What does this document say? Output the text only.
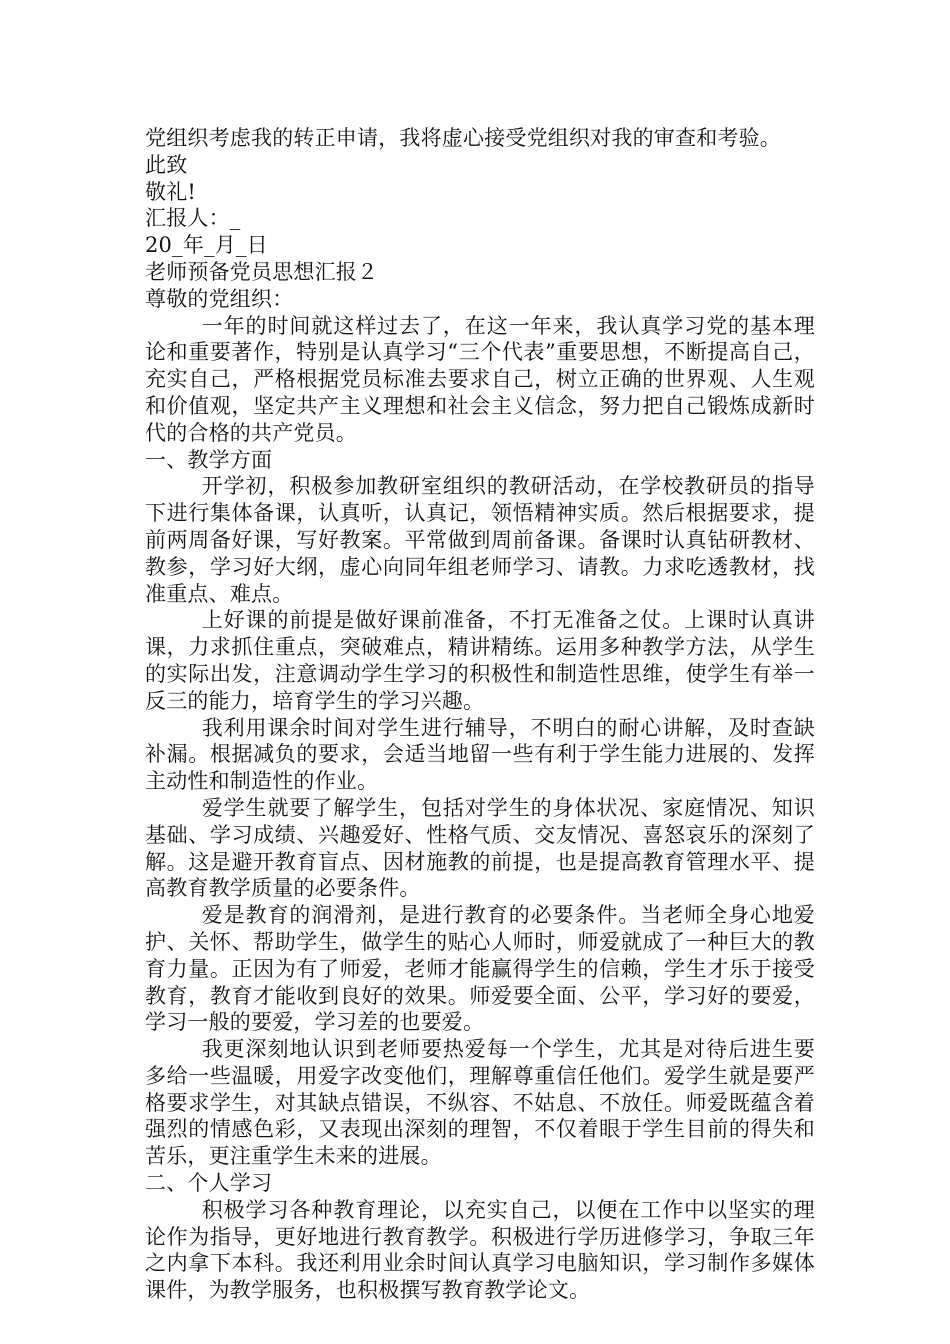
党组织考虑我的转正申请，我将虚心接受党组织对我的审查和考验。

此致

敬礼!

汇报人：_

20_年_月_日

老师预备党员思想汇报２

尊敬的党组织：

一年的时间就这样过去了，在这一年来，我认真学习党的基本理论和重要著作，特别是认真学习“三个代表”重要思想，不断提高自己，充实自己，严格根据党员标准去要求自己，树立正确的世界观、人生观和价值观，坚定共产主义理想和社会主义信念，努力把自己锻炼成新时代的合格的共产党员。

一、教学方面

开学初，积极参加教研室组织的教研活动，在学校教研员的指导下进行集体备课，认真听，认真记，领悟精神实质。然后根据要求，提前两周备好课，写好教案。平常做到周前备课。备课时认真钻研教材、教参，学习好大纲，虚心向同年组老师学习、请教。力求吃透教材，找准重点、难点。

上好课的前提是做好课前准备，不打无准备之仗。上课时认真讲课，力求抓住重点，突破难点，精讲精练。运用多种教学方法，从学生的实际出发，注意调动学生学习的积极性和制造性思维，使学生有举一反三的能力，培育学生的学习兴趣。

我利用课余时间对学生进行辅导，不明白的耐心讲解，及时查缺补漏。根据减负的要求，会适当地留一些有利于学生能力进展的、发挥主动性和制造性的作业。

爱学生就要了解学生，包括对学生的身体状况、家庭情况、知识基础、学习成绩、兴趣爱好、性格气质、交友情况、喜怒哀乐的深刻了解。这是避开教育盲点、因材施教的前提，也是提高教育管理水平、提高教育教学质量的必要条件。

爱是教育的润滑剂，是进行教育的必要条件。当老师全身心地爱护、关怀、帮助学生，做学生的贴心人师时，师爱就成了一种巨大的教育力量。正因为有了师爱，老师才能赢得学生的信赖，学生才乐于接受教育，教育才能收到良好的效果。师爱要全面、公平，学习好的要爱，学习一般的要爱，学习差的也要爱。

我更深刻地认识到老师要热爱每一个学生，尤其是对待后进生要多给一些温暖，用爱字改变他们，理解尊重信任他们。爱学生就是要严格要求学生，对其缺点错误，不纵容、不姑息、不放任。师爱既蕴含着强烈的情感色彩，又表现出深刻的理智，不仅着眼于学生目前的得失和苦乐，更注重学生未来的进展。

二、个人学习

积极学习各种教育理论，以充实自己，以便在工作中以坚实的理论作为指导，更好地进行教育教学。积极进行学历进修学习，争取三年之内拿下本科。我还利用业余时间认真学习电脑知识，学习制作多媒体课件，为教学服务，也积极撰写教育教学论文。
